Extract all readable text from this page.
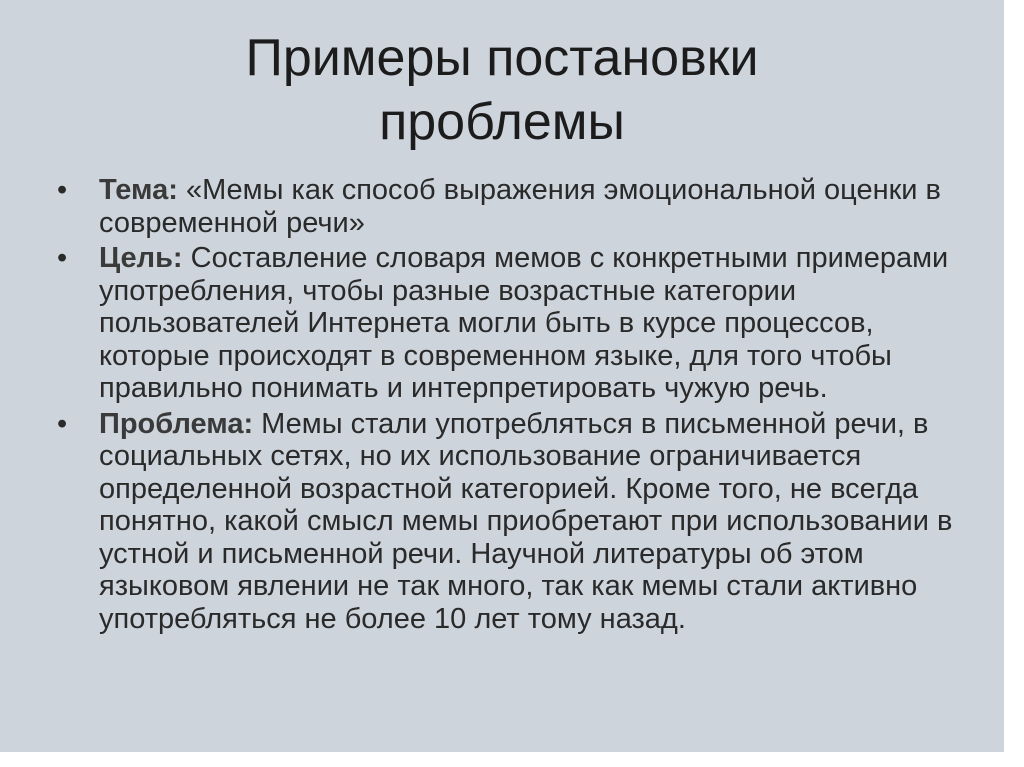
Примеры постановки
проблемы
• Тема: «Мемы как способ выражения эмоциональной оценки в современной речи»
• Цель: Составление словаря мемов с конкретными примерами употребления, чтобы разные возрастные категории пользователей Интернета могли быть в курсе процессов, которые происходят в современном языке, для того чтобы правильно понимать и интерпретировать чужую речь.
• Проблема: Мемы стали употребляться в письменной речи, в социальных сетях, но их использование ограничивается определенной возрастной категорией. Кроме того, не всегда понятно, какой смысл мемы приобретают при использовании в устной и письменной речи. Научной литературы об этом языковом явлении не так много, так как мемы стали активно употребляться не более 10 лет тому назад.
